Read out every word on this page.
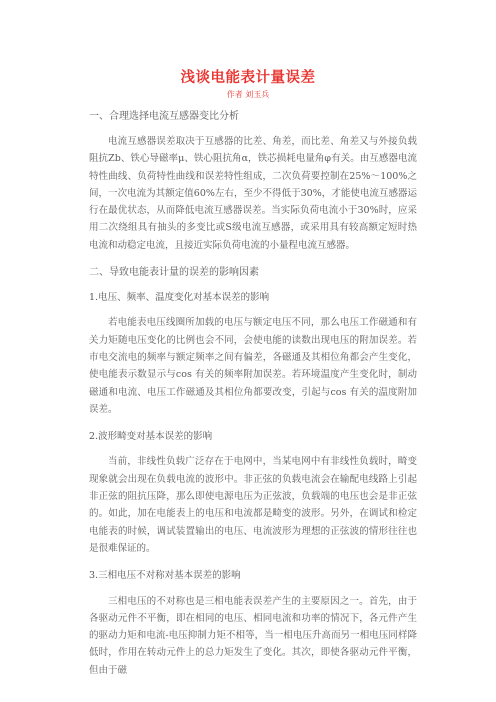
浅谈电能表计量误差
作者 刘玉兵

一、合理选择电流互感器变比分析

电流互感器误差取决于互感器的比差、角差，而比差、角差又与外接负载阻抗Zb、铁心导磁率μ、铁心阻抗角α，铁芯损耗电量角φ有关。由互感器电流特性曲线、负荷特性曲线和误差特性组成，二次负荷要控制在25%～100%之间，一次电流为其额定值60%左右，至少不得低于30%，才能使电流互感器运行在最优状态，从而降低电流互感器误差。当实际负荷电流小于30%时，应采用二次绕组具有抽头的多变比或S级电流互感器，或采用具有较高额定短时热电流和动稳定电流，且接近实际负荷电流的小量程电流互感器。

二、导致电能表计量的误差的影响因素

1.电压、频率、温度变化对基本误差的影响

若电能表电压线圈所加载的电压与额定电压不同，那么电压工作磁通和有关力矩随电压变化的比例也会不同，会使电能的读数出现电压的附加误差。若市电交流电的频率与额定频率之间有偏差，各磁通及其相位角都会产生变化，使电能表示数显示与cos 有关的频率附加误差。若环境温度产生变化时，制动磁通和电流、电压工作磁通及其相位角都要改变，引起与cos 有关的温度附加误差。

2.波形畸变对基本误差的影响

当前，非线性负载广泛存在于电网中，当某电网中有非线性负载时，畸变现象就会出现在负载电流的波形中。非正弦的负载电流会在输配电线路上引起非正弦的阻抗压降，那么即使电源电压为正弦波，负载端的电压也会是非正弦的。如此，加在电能表上的电压和电流都是畸变的波形。另外，在调试和检定电能表的时候，调试装置输出的电压、电流波形为理想的正弦波的情形往往也是很难保证的。

3.三相电压不对称对基本误差的影响

三相电压的不对称也是三相电能表误差产生的主要原因之一。首先，由于各驱动元件不平衡，即在相同的电压、相同电流和功率的情况下，各元件产生的驱动力矩和电流-电压抑制力矩不相等，当一相电压升高而另一相电压同样降低时，作用在转动元件上的总力矩发生了变化。其次，即使各驱动元件平衡，但由于磁
